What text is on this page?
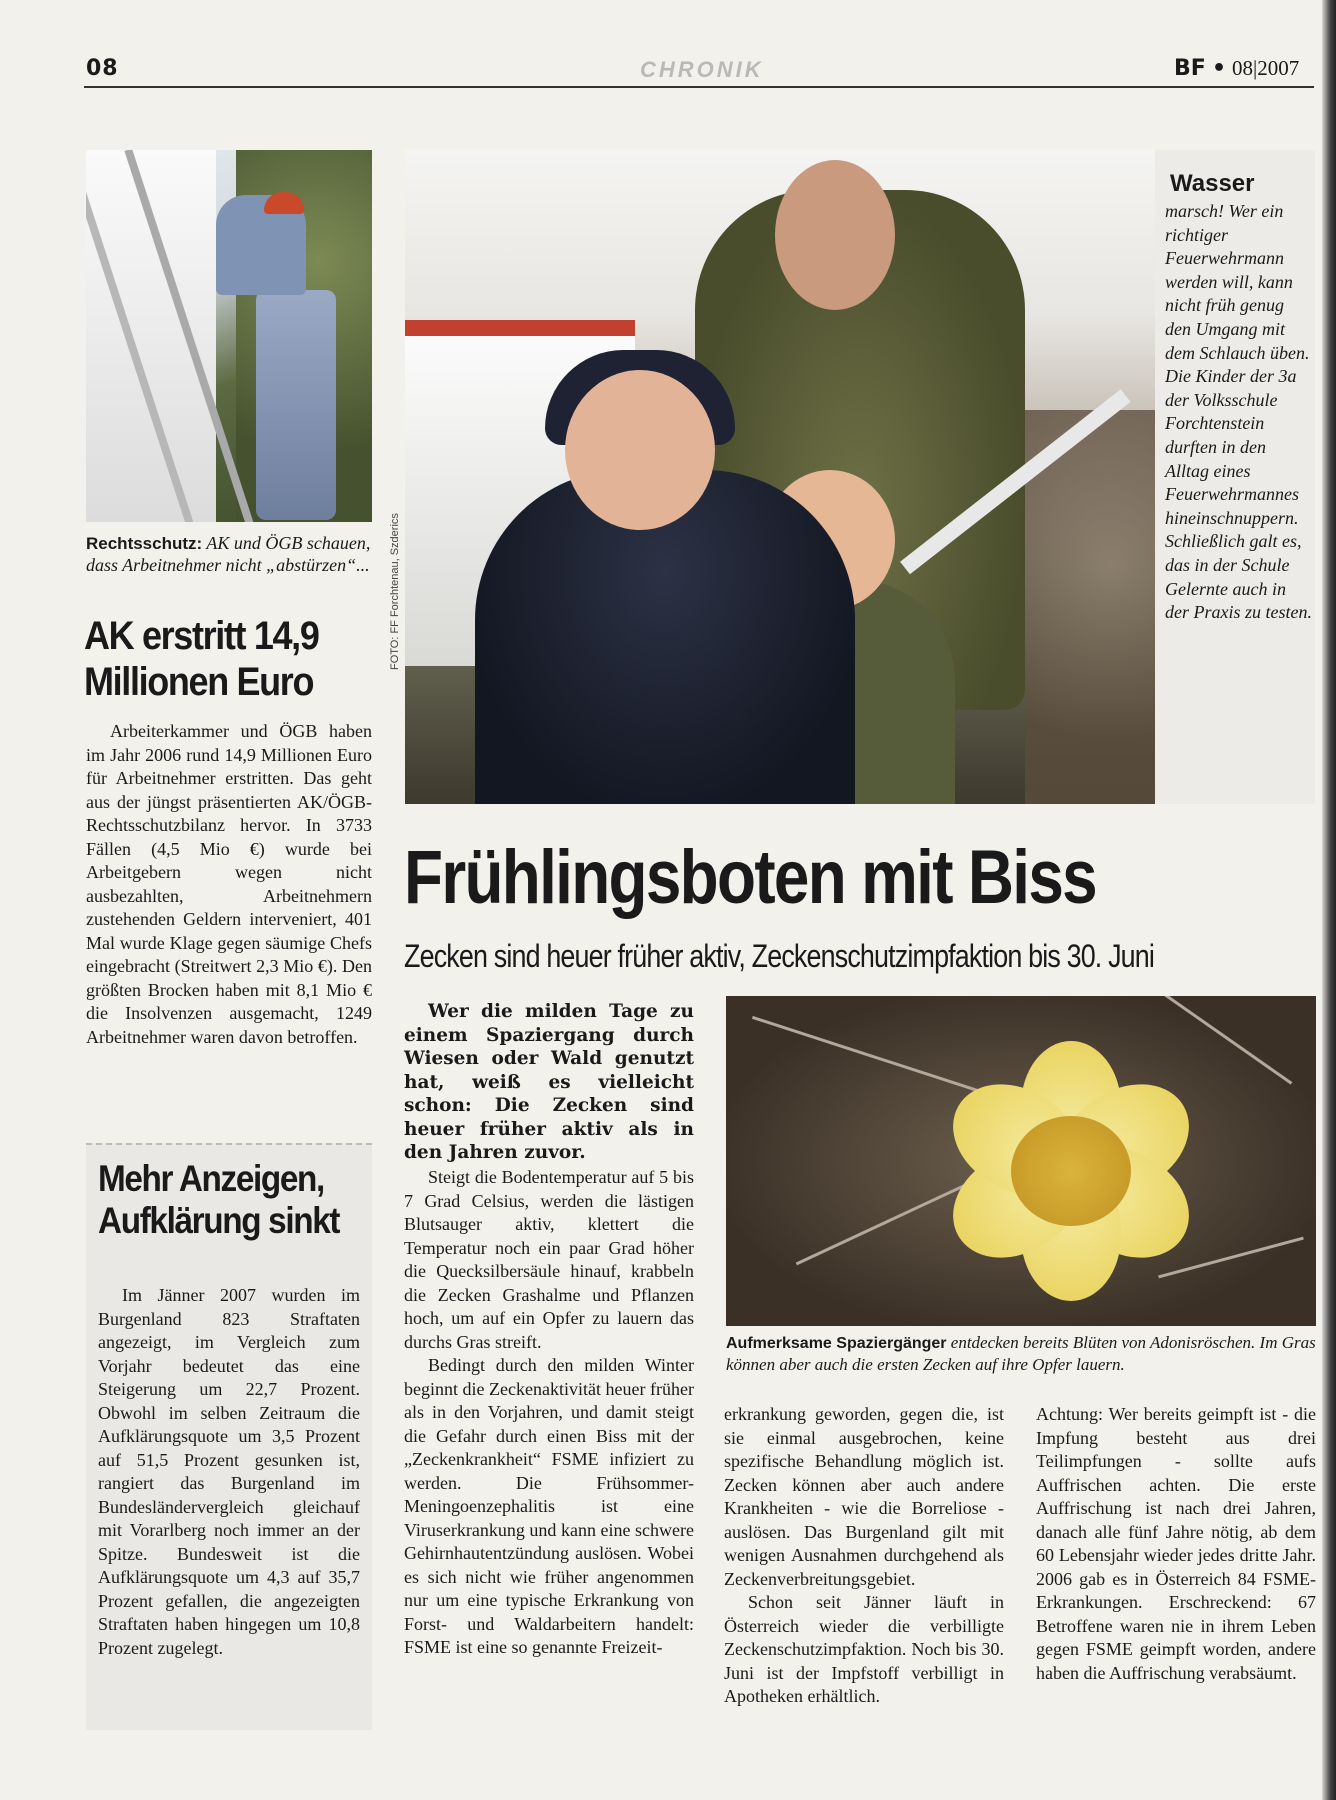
08	CHRONIK	BF • 08|2007
Rechtsschutz: AK und ÖGB schauen, dass Arbeitnehmer nicht „abstürzen“...
AK erstritt 14,9 Millionen Euro
Arbeiterkammer und ÖGB haben im Jahr 2006 rund 14,9 Millionen Euro für Arbeitnehmer erstritten. Das geht aus der jüngst präsentierten AK/ÖGB-Rechtsschutzbilanz hervor. In 3733 Fällen (4,5 Mio €) wurde bei Arbeitgebern wegen nicht ausbezahlten, Arbeitnehmern zustehenden Geldern interveniert, 401 Mal wurde Klage gegen säumige Chefs eingebracht (Streitwert 2,3 Mio €). Den größten Brocken haben mit 8,1 Mio € die Insolvenzen ausgemacht, 1249 Arbeitnehmer waren davon betroffen.
Mehr Anzeigen, Aufklärung sinkt
Im Jänner 2007 wurden im Burgenland 823 Straftaten angezeigt, im Vergleich zum Vorjahr bedeutet das eine Steigerung um 22,7 Prozent. Obwohl im selben Zeitraum die Aufklärungsquote um 3,5 Prozent auf 51,5 Prozent gesunken ist, rangiert das Burgenland im Bundesländervergleich gleichauf mit Vorarlberg noch immer an der Spitze. Bundesweit ist die Aufklärungsquote um 4,3 auf 35,7 Prozent gefallen, die angezeigten Straftaten haben hingegen um 10,8 Prozent zugelegt.
FOTO: FF Forchtenau, Szderics
Wasser
marsch! Wer ein richtiger Feuerwehrmann werden will, kann nicht früh genug den Umgang mit dem Schlauch üben. Die Kinder der 3a der Volksschule Forchtenstein durften in den Alltag eines Feuerwehrmannes hineinschnuppern. Schließlich galt es, das in der Schule Gelernte auch in der Praxis zu testen.
Frühlingsboten mit Biss
Zecken sind heuer früher aktiv, Zeckenschutzimpfaktion bis 30. Juni
Wer die milden Tage zu einem Spaziergang durch Wiesen oder Wald genutzt hat, weiß es vielleicht schon: Die Zecken sind heuer früher aktiv als in den Jahren zuvor.

Steigt die Bodentemperatur auf 5 bis 7 Grad Celsius, werden die lästigen Blutsauger aktiv, klettert die Temperatur noch ein paar Grad höher die Quecksilbersäule hinauf, krabbeln die Zecken Grashalme und Pflanzen hoch, um auf ein Opfer zu lauern das durchs Gras streift.

Bedingt durch den milden Winter beginnt die Zeckenaktivität heuer früher als in den Vorjahren, und damit steigt die Gefahr durch einen Biss mit der „Zeckenkrankheit“ FSME infiziert zu werden. Die Frühsommer-Meningoenzephalitis ist eine Viruserkrankung und kann eine schwere Gehirnhautentzündung auslösen. Wobei es sich nicht wie früher angenommen nur um eine typische Erkrankung von Forst- und Waldarbeitern handelt: FSME ist eine so genannte Freizeit-

Aufmerksame Spaziergänger entdecken bereits Blüten von Adonisröschen. Im Gras können aber auch die ersten Zecken auf ihre Opfer lauern.

erkrankung geworden, gegen die, ist sie einmal ausgebrochen, keine spezifische Behandlung möglich ist. Zecken können aber auch andere Krankheiten - wie die Borreliose - auslösen. Das Burgenland gilt mit wenigen Ausnahmen durchgehend als Zeckenverbreitungsgebiet.

Schon seit Jänner läuft in Österreich wieder die verbilligte Zeckenschutzimpfaktion. Noch bis 30. Juni ist der Impfstoff verbilligt in Apotheken erhältlich.

Achtung: Wer bereits geimpft ist - die Impfung besteht aus drei Teilimpfungen - sollte aufs Auffrischen achten. Die erste Auffrischung ist nach drei Jahren, danach alle fünf Jahre nötig, ab dem 60 Lebensjahr wieder jedes dritte Jahr. 2006 gab es in Österreich 84 FSME-Erkrankungen. Erschreckend: 67 Betroffene waren nie in ihrem Leben gegen FSME geimpft worden, andere haben die Auffrischung verabsäumt.
